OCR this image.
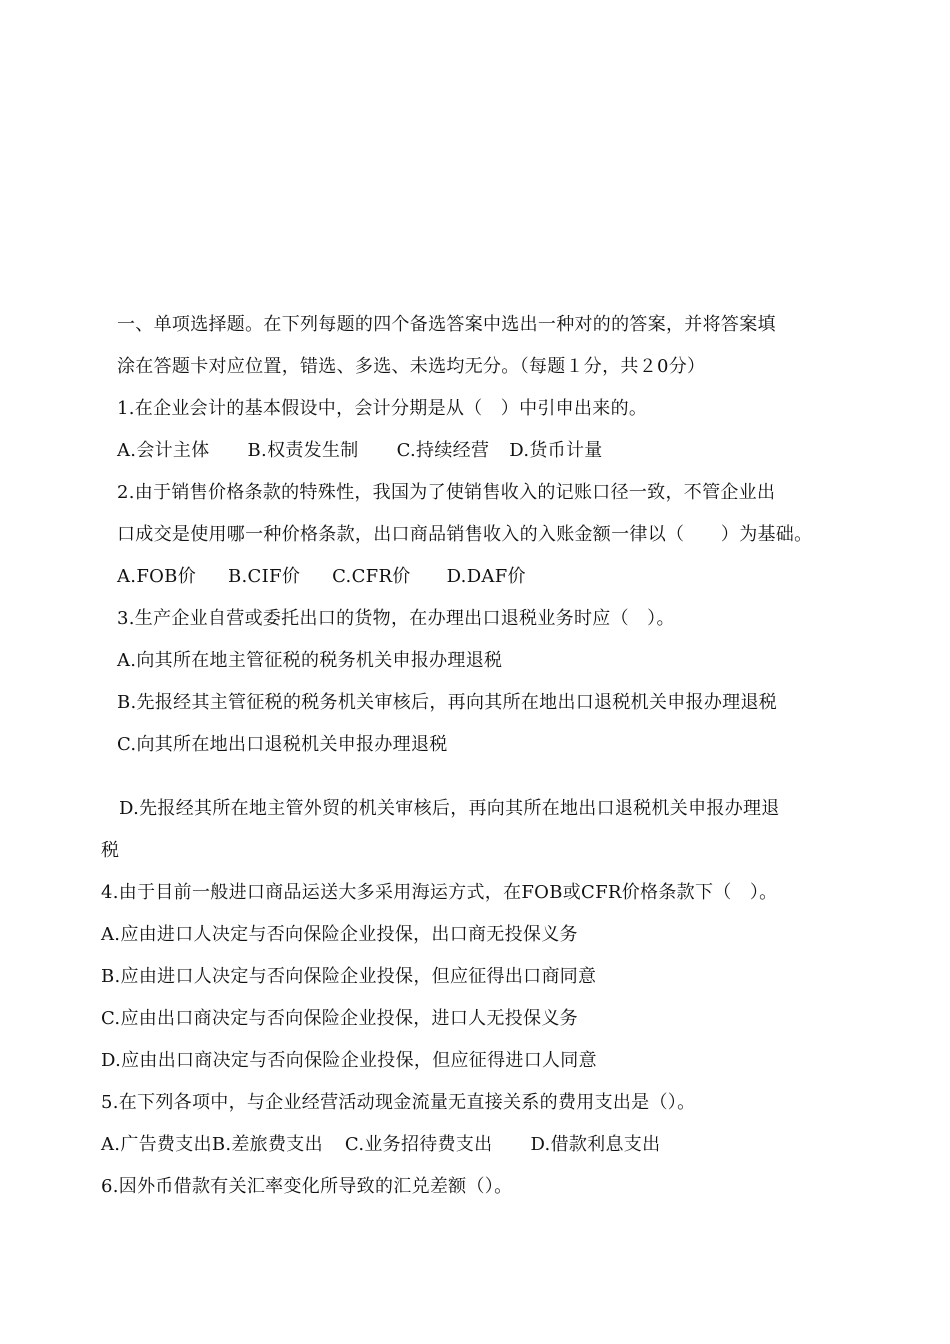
一、单项选择题。在下列每题的四个备选答案中选出一种对的的答案，并将答案填
涂在答题卡对应位置，错选、多选、未选均无分。（每题１分，共２0分）
1.在企业会计的基本假设中，会计分期是从（　）中引申出来的。
A.会计主体 B.权责发生制 C.持续经营 D.货币计量
2.由于销售价格条款的特殊性，我国为了使销售收入的记账口径一致，不管企业出
口成交是使用哪一种价格条款，出口商品销售收入的入账金额一律以（　　）为基础。
A.FOB价 B.CIF价 C.CFR价 D.DAF价
3.生产企业自营或委托出口的货物，在办理出口退税业务时应（　）。
A.向其所在地主管征税的税务机关申报办理退税
B.先报经其主管征税的税务机关审核后，再向其所在地出口退税机关申报办理退税
C.向其所在地出口退税机关申报办理退税
D.先报经其所在地主管外贸的机关审核后，再向其所在地出口退税机关申报办理退
税
4.由于目前一般进口商品运送大多采用海运方式，在FOB或CFR价格条款下（　）。
A.应由进口人决定与否向保险企业投保，出口商无投保义务
B.应由进口人决定与否向保险企业投保，但应征得出口商同意
C.应由出口商决定与否向保险企业投保，进口人无投保义务
D.应由出口商决定与否向保险企业投保，但应征得进口人同意
5.在下列各项中，与企业经营活动现金流量无直接关系的费用支出是（）。
A.广告费支出B.差旅费支出 C.业务招待费支出 D.借款利息支出
6.因外币借款有关汇率变化所导致的汇兑差额（）。
